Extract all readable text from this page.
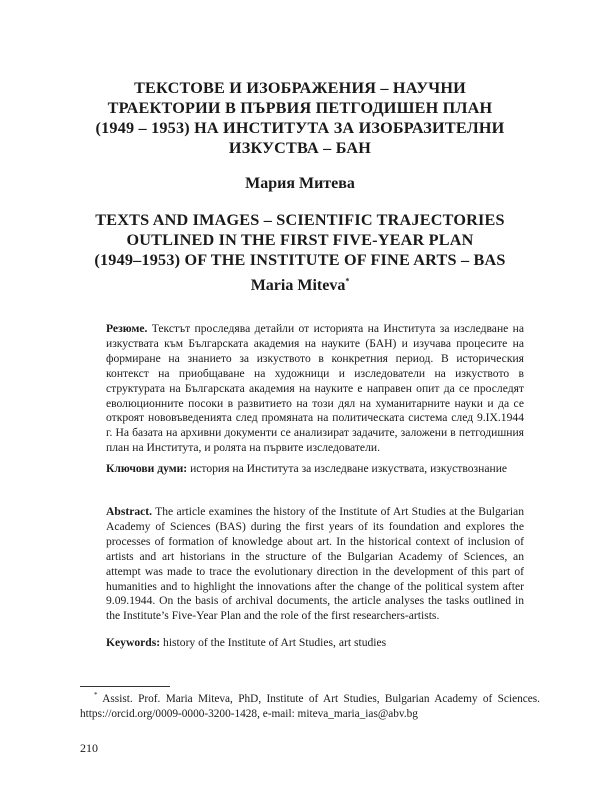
ТЕКСТОВЕ И ИЗОБРАЖЕНИЯ – НАУЧНИ
ТРАЕКТОРИИ В ПЪРВИЯ ПЕТГОДИШЕН ПЛАН
(1949 – 1953) НА ИНСТИТУТА ЗА ИЗОБРАЗИТЕЛНИ
ИЗКУСТВА – БАН

Мария Митева

TEXTS AND IMAGES – SCIENTIFIC TRAJECTORIES
OUTLINED IN THE FIRST FIVE-YEAR PLAN
(1949–1953) OF THE INSTITUTE OF FINE ARTS – BAS

Maria Miteva*

Резюме. Текстът проследява детайли от историята на Института за изследване на изкуствата към Българската академия на науките (БАН) и изучава процесите на формиране на знанието за изкуството в конкретния период. В историческия контекст на приобщаване на художници и изследователи на изкуството в структурата на Българската академия на науките е направен опит да се проследят еволюционните посоки в развитието на този дял на хуманитарните науки и да се откроят нововъведенията след промяната на политическата система след 9.IX.1944 г. На базата на архивни документи се анализират задачите, заложени в петгодишния план на Института, и ролята на първите изследователи.

Ключови думи: история на Института за изследване изкуствата, изкуствознание

Abstract. The article examines the history of the Institute of Art Studies at the Bulgarian Academy of Sciences (BAS) during the first years of its foundation and explores the processes of formation of knowledge about art. In the historical context of inclusion of artists and art historians in the structure of the Bulgarian Academy of Sciences, an attempt was made to trace the evolutionary direction in the development of this part of humanities and to highlight the innovations after the change of the political system after 9.09.1944. On the basis of archival documents, the article analyses the tasks outlined in the Institute’s Five-Year Plan and the role of the first researchers-artists.

Keywords: history of the Institute of Art Studies, art studies

* Assist. Prof. Maria Miteva, PhD, Institute of Art Studies, Bulgarian Academy of Sciences. https://orcid.org/0009-0000-3200-1428, e-mail: miteva_maria_ias@abv.bg

210
